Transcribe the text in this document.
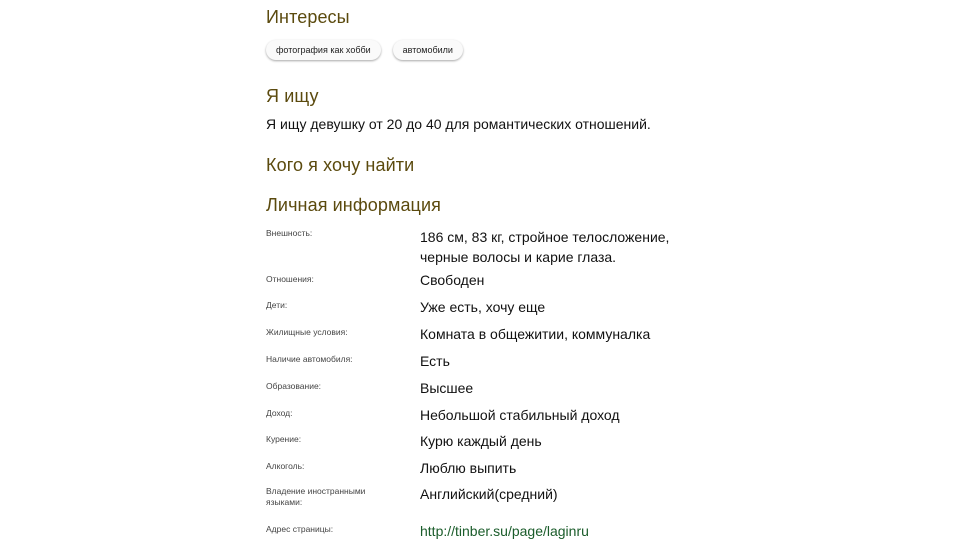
Интересы
фотография как хобби	автомобили
Я ищу
Я ищу девушку от 20 до 40 для романтических отношений.
Кого я хочу найти
Личная информация
Внешность:	186 см, 83 кг, стройное телосложение, черные волосы и карие глаза.
Отношения:	Свободен
Дети:	Уже есть, хочу еще
Жилищные условия:	Комната в общежитии, коммуналка
Наличие автомобиля:	Есть
Образование:	Высшее
Доход:	Небольшой стабильный доход
Курение:	Курю каждый день
Алкоголь:	Люблю выпить
Владение иностранными языками:	Английский(средний)
Адрес страницы:	http://tinber.su/page/laginru
